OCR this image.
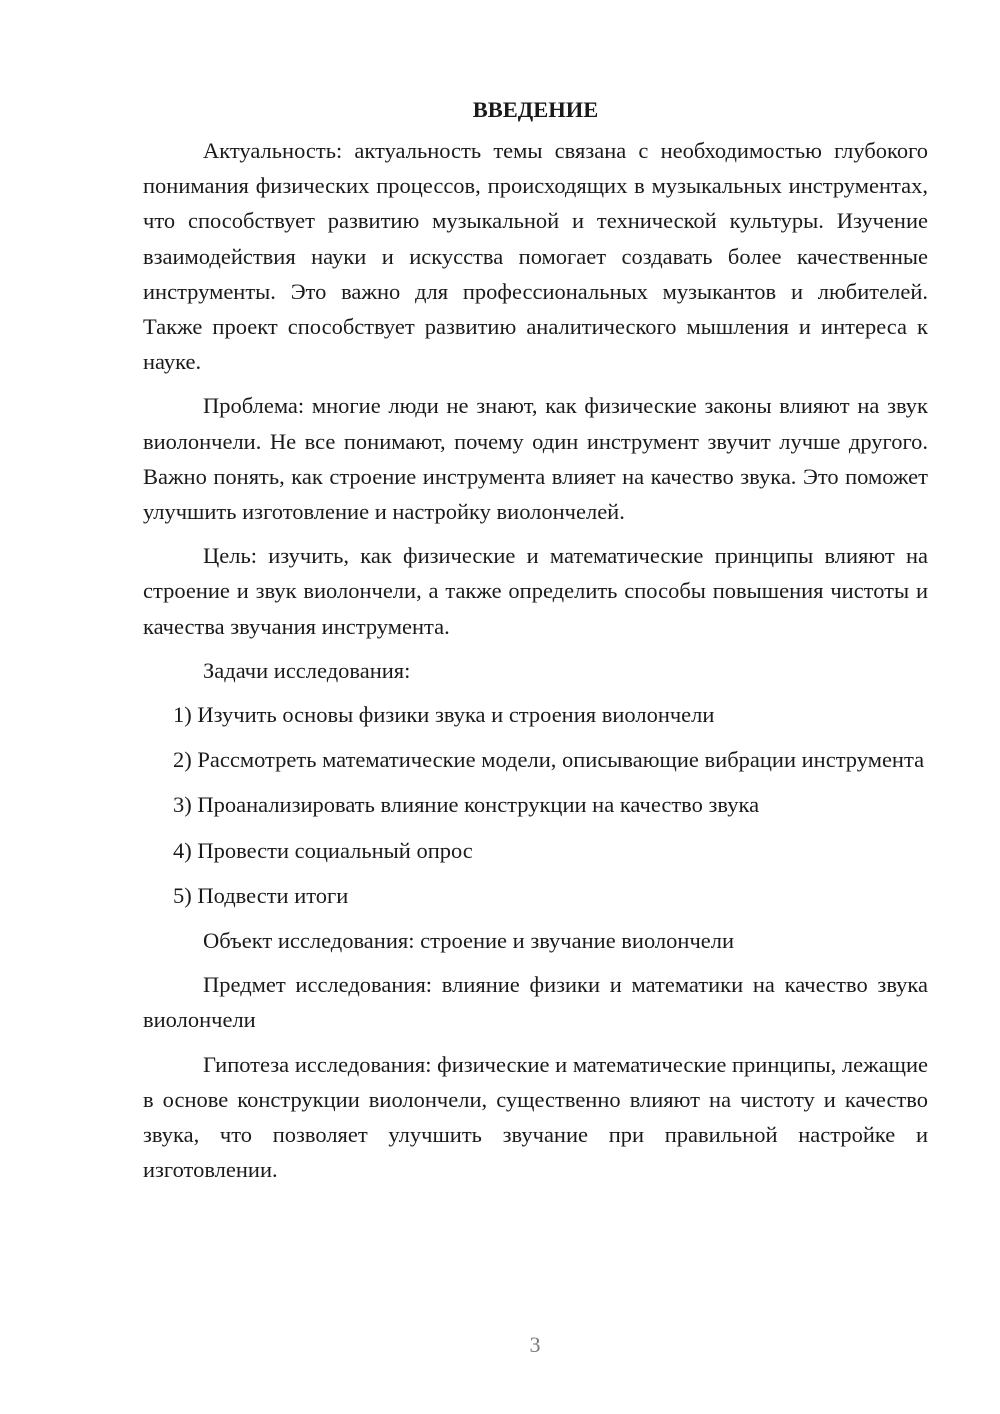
ВВЕДЕНИЕ

Актуальность: актуальность темы связана с необходимостью глубокого понимания физических процессов, происходящих в музыкальных инструментах, что способствует развитию музыкальной и технической культуры. Изучение взаимодействия науки и искусства помогает создавать более качественные инструменты. Это важно для профессиональных музыкантов и любителей. Также проект способствует развитию аналитического мышления и интереса к науке.

Проблема: многие люди не знают, как физические законы влияют на звук виолончели. Не все понимают, почему один инструмент звучит лучше другого. Важно понять, как строение инструмента влияет на качество звука. Это поможет улучшить изготовление и настройку виолончелей.

Цель: изучить, как физические и математические принципы влияют на строение и звук виолончели, а также определить способы повышения чистоты и качества звучания инструмента.

Задачи исследования:

1) Изучить основы физики звука и строения виолончели

2) Рассмотреть математические модели, описывающие вибрации инструмента

3) Проанализировать влияние конструкции на качество звука

4) Провести социальный опрос

5) Подвести итоги

Объект исследования: строение и звучание виолончели

Предмет исследования: влияние физики и математики на качество звука виолончели

Гипотеза исследования: физические и математические принципы, лежащие в основе конструкции виолончели, существенно влияют на чистоту и качество звука, что позволяет улучшить звучание при правильной настройке и изготовлении.

3
